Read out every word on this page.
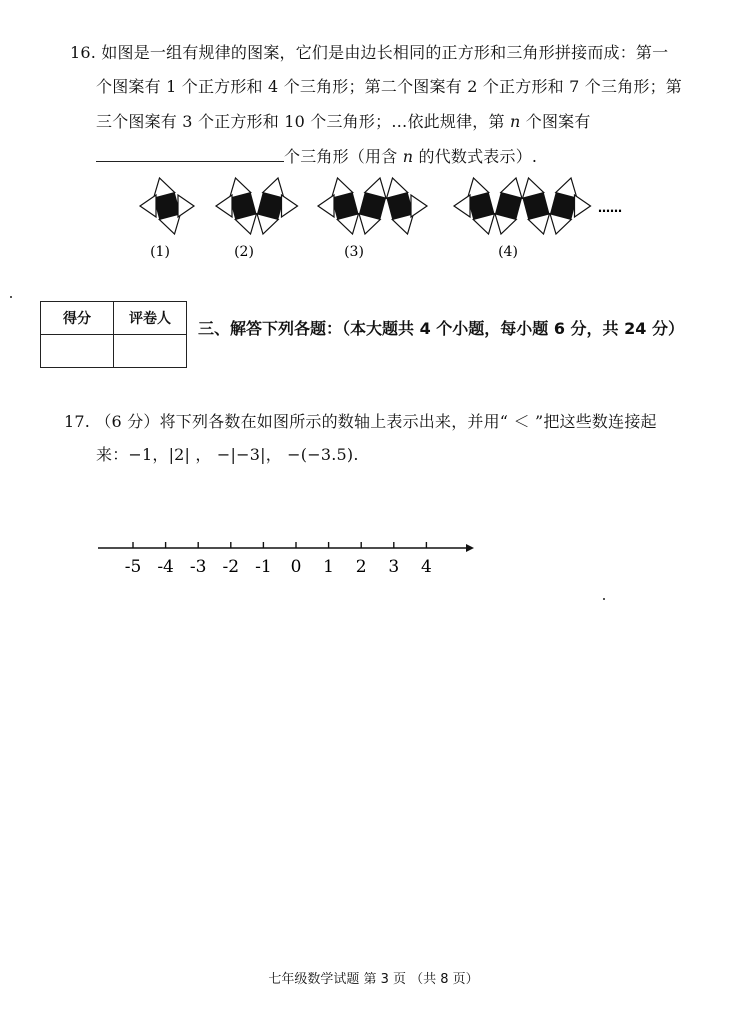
16. 如图是一组有规律的图案，它们是由边长相同的正方形和三角形拼接而成：第一
个图案有 1 个正方形和 4 个三角形；第二个图案有 2 个正方形和 7 个三角形；第
三个图案有 3 个正方形和 10 个三角形；…依此规律，第 n 个图案有
个三角形（用含 n 的代数式表示）.
(1)	(2)	(3)	(4)
……
得分	评卷人
	三、解答下列各题：（本大题共 4 个小题，每小题 6 分，共 24 分）
17. （6 分）将下列各数在如图所示的数轴上表示出来，并用“ ＜ ”把这些数连接起
来：−1，|2| ， −|−3|， −(−3.5).
-5 -4 -3 -2 -1 0 1 2 3 4
七年级数学试题 第 3 页 （共 8 页）
